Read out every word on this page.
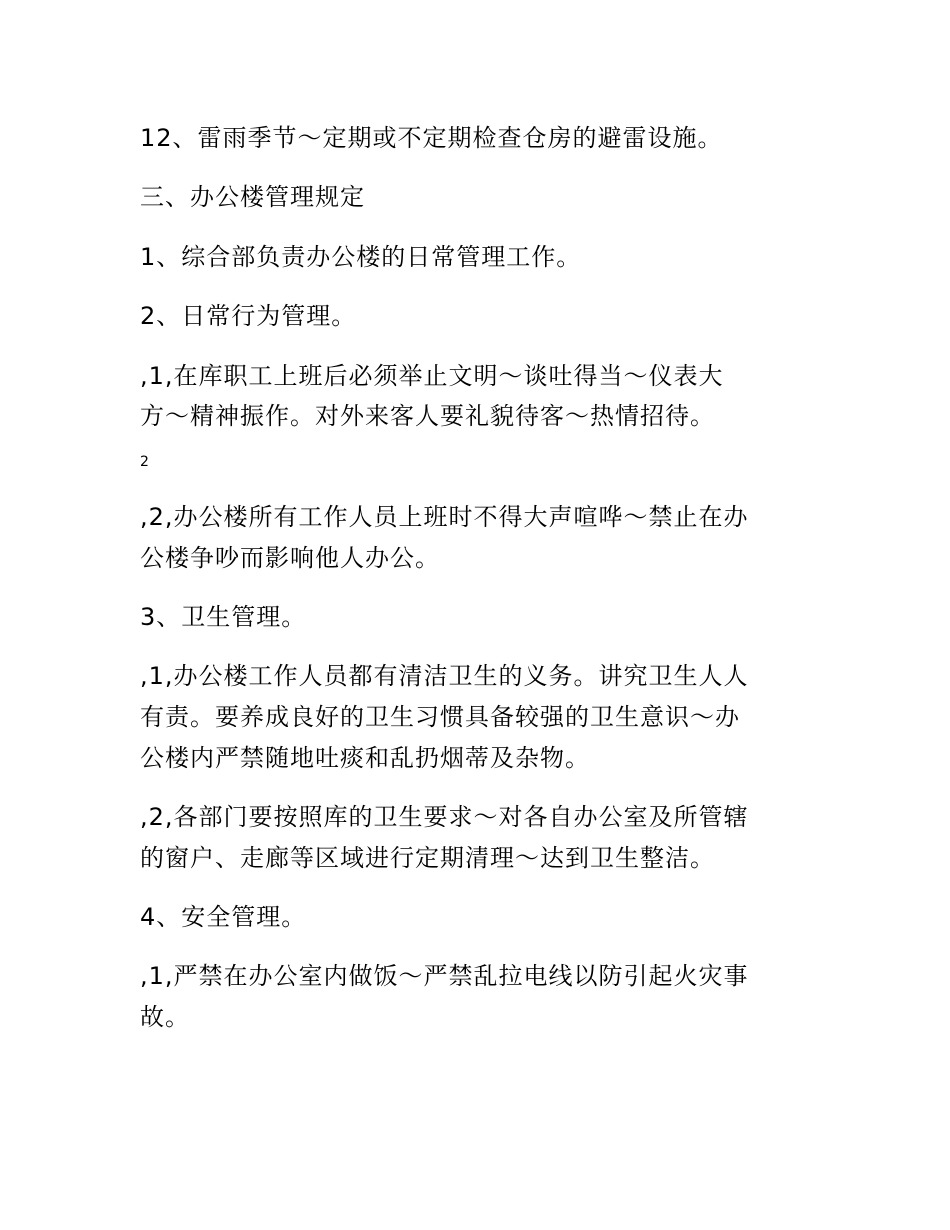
12、雷雨季节～定期或不定期检查仓房的避雷设施。
三、办公楼管理规定
1、综合部负责办公楼的日常管理工作。
2、日常行为管理。
,1,在库职工上班后必须举止文明～谈吐得当～仪表大
方～精神振作。对外来客人要礼貌待客～热情招待。
2
,2,办公楼所有工作人员上班时不得大声喧哗～禁止在办
公楼争吵而影响他人办公。
3、卫生管理。
,1,办公楼工作人员都有清洁卫生的义务。讲究卫生人人
有责。要养成良好的卫生习惯具备较强的卫生意识～办
公楼内严禁随地吐痰和乱扔烟蒂及杂物。
,2,各部门要按照库的卫生要求～对各自办公室及所管辖
的窗户、走廊等区域进行定期清理～达到卫生整洁。
4、安全管理。
,1,严禁在办公室内做饭～严禁乱拉电线以防引起火灾事
故。
